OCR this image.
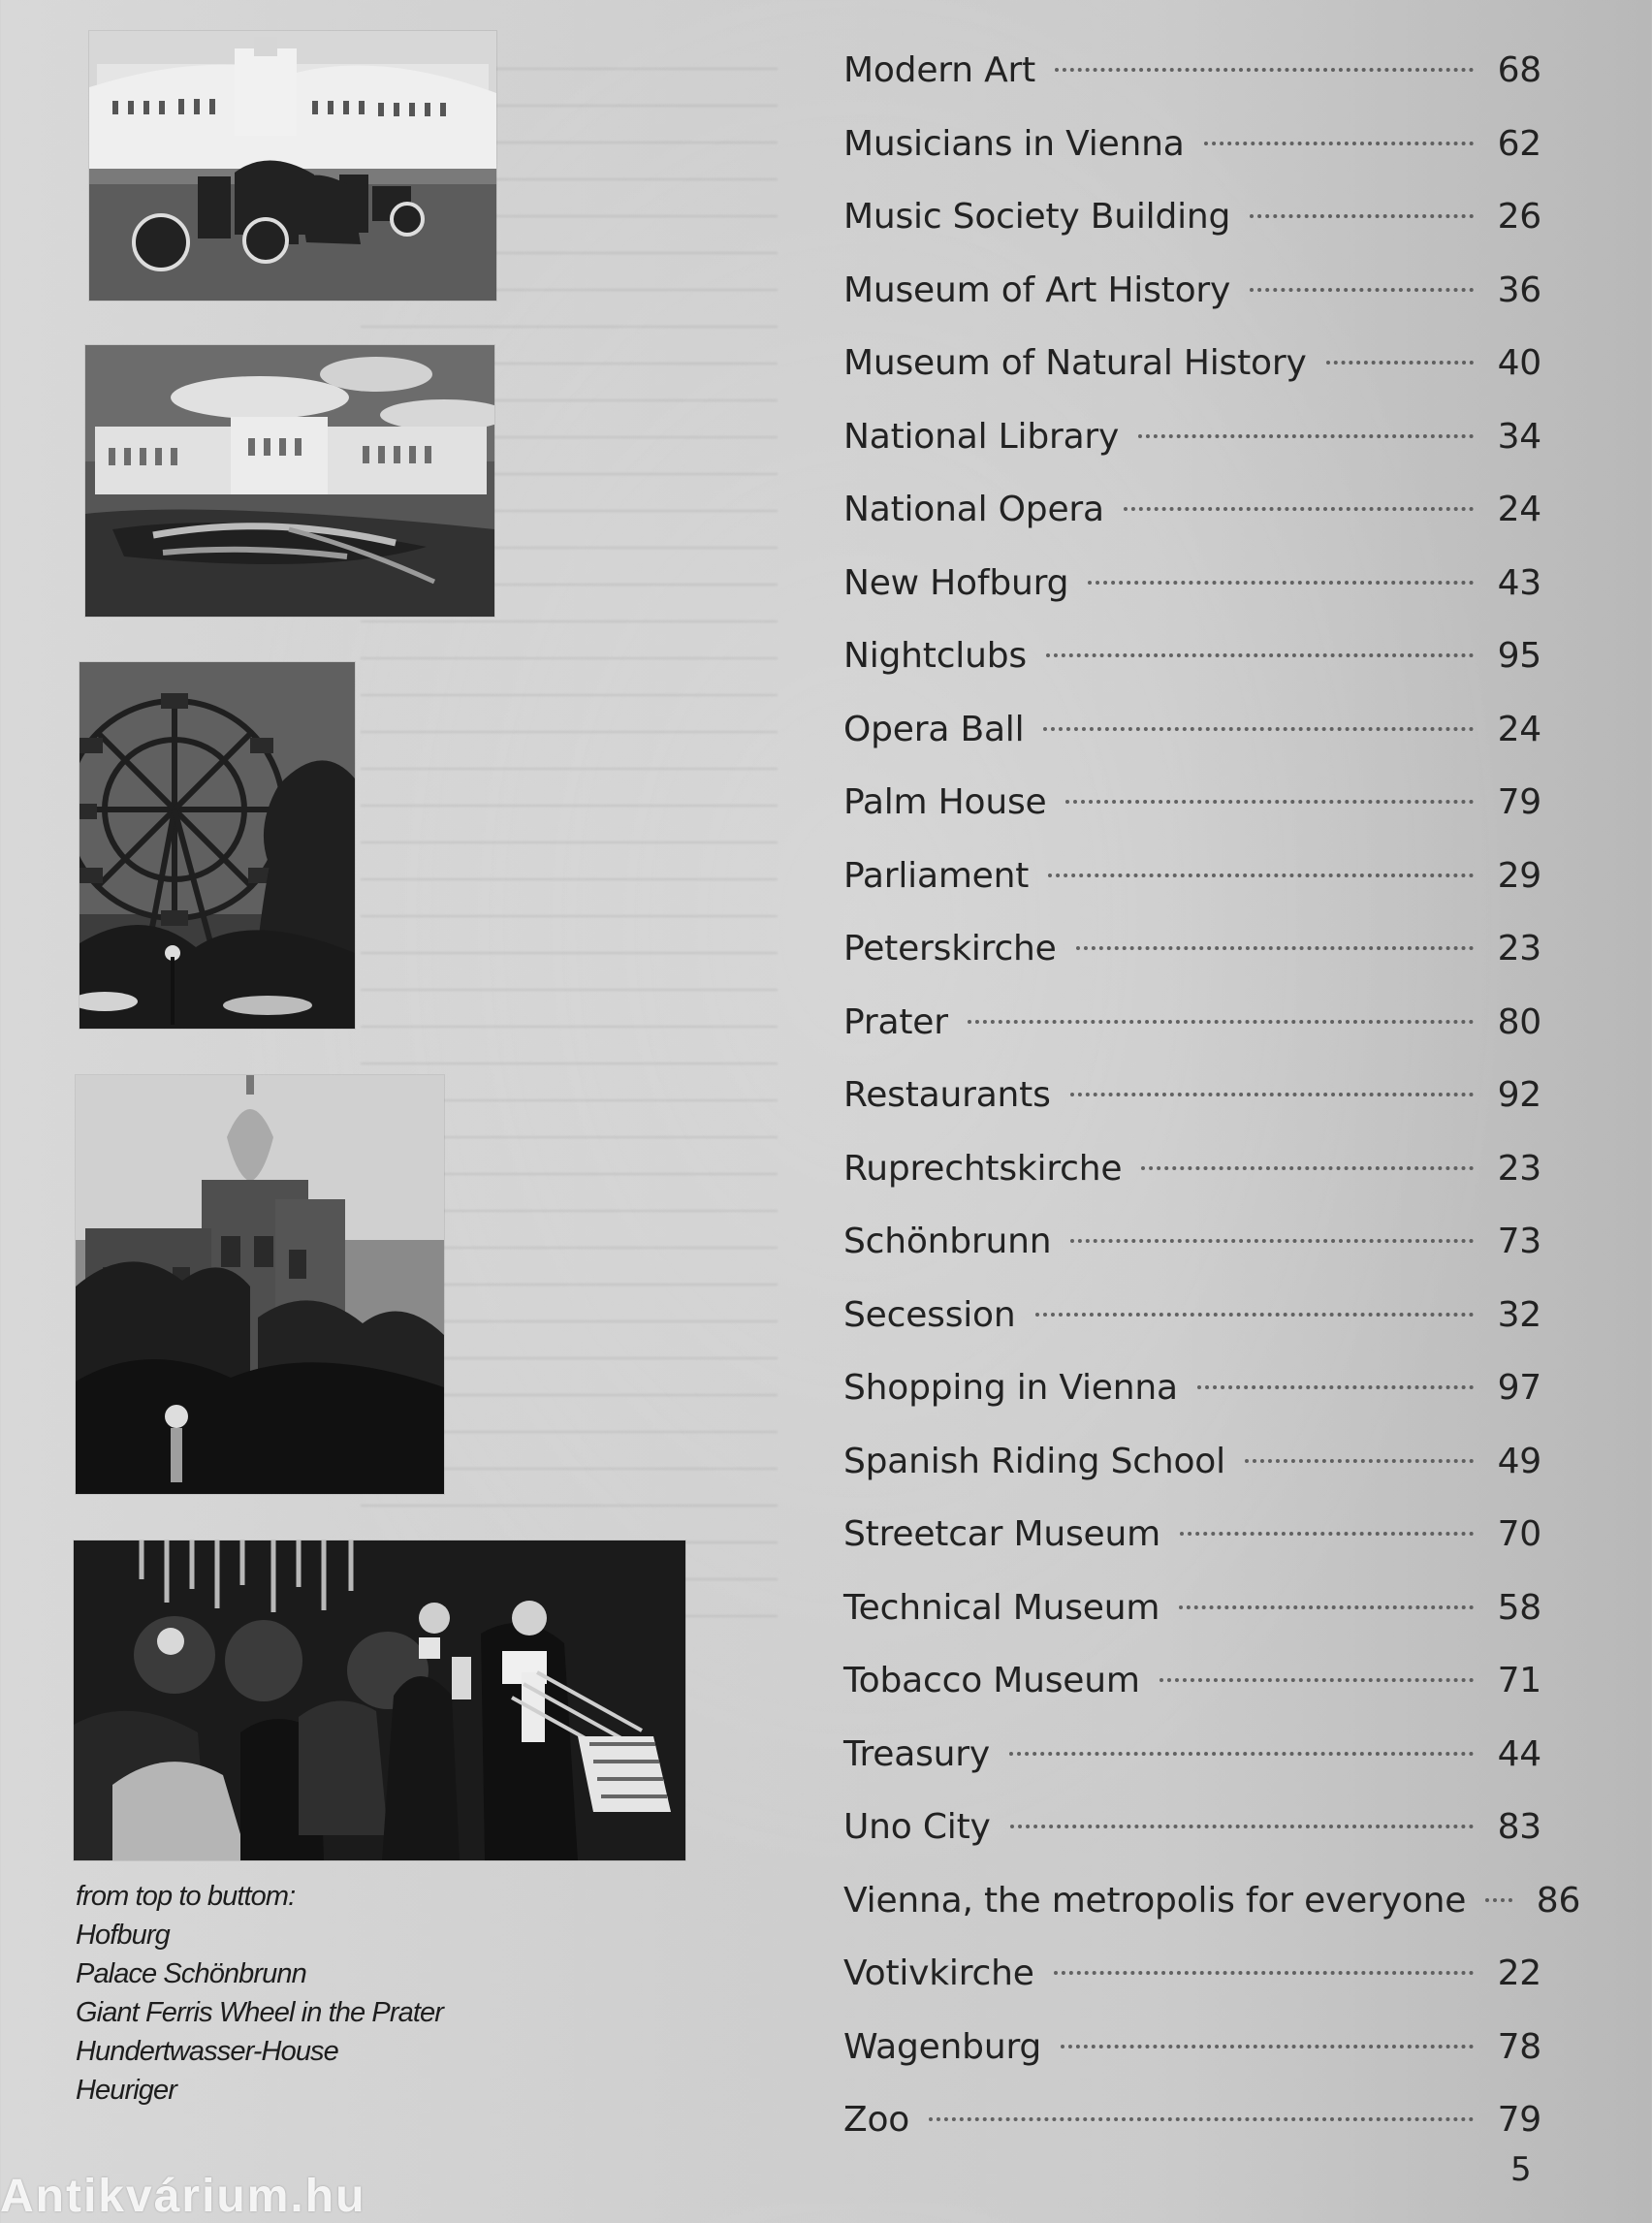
from top to buttom:
Hofburg
Palace Schönbrunn
Giant Ferris Wheel in the Prater
Hundertwasser-House
Heuriger
Modern Art	68
Musicians in Vienna	62
Music Society Building	26
Museum of Art History	36
Museum of Natural History	40
National Library	34
National Opera	24
New Hofburg	43
Nightclubs	95
Opera Ball	24
Palm House	79
Parliament	29
Peterskirche	23
Prater	80
Restaurants	92
Ruprechtskirche	23
Schönbrunn	73
Secession	32
Shopping in Vienna	97
Spanish Riding School	49
Streetcar Museum	70
Technical Museum	58
Tobacco Museum	71
Treasury	44
Uno City	83
Vienna, the metropolis for everyone 86
Votivkirche	22
Wagenburg	78
Zoo	79
5
Antikvárium.hu
